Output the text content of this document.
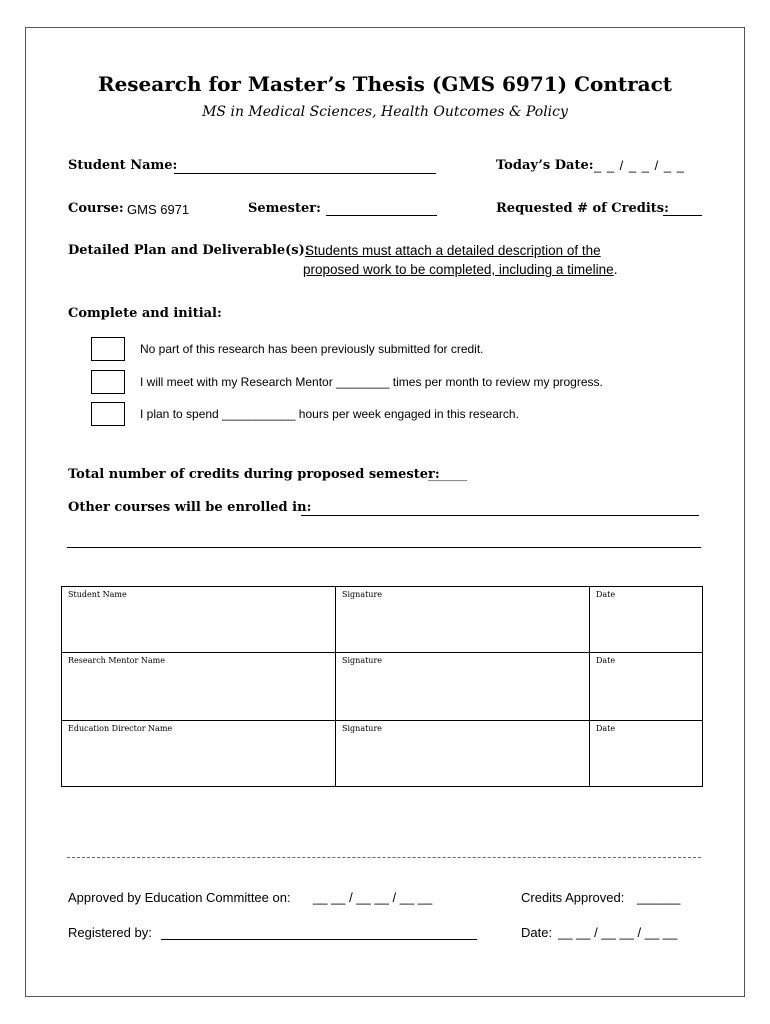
Research for Master’s Thesis (GMS 6971) Contract
MS in Medical Sciences, Health Outcomes & Policy
Student Name:	Today’s Date: _ _ / _ _ / _ _
Course: GMS 6971	Semester:	Requested # of Credits:
Detailed Plan and Deliverable(s):
Students must attach a detailed description of the
proposed work to be completed, including a timeline.
Complete and initial:
No part of this research has been previously submitted for credit.
I will meet with my Research Mentor ________ times per month to review my progress.
I plan to spend ___________ hours per week engaged in this research.
Total number of credits during proposed semester:
______
Other courses will be enrolled in:
Student Name	Signature	Date
Research Mentor Name	Signature	Date
Education Director Name	Signature	Date
Approved by Education Committee on: __ __ / __ __ / __ __	Credits Approved: ______
Registered by:	Date: __ __ / __ __ / __ __
